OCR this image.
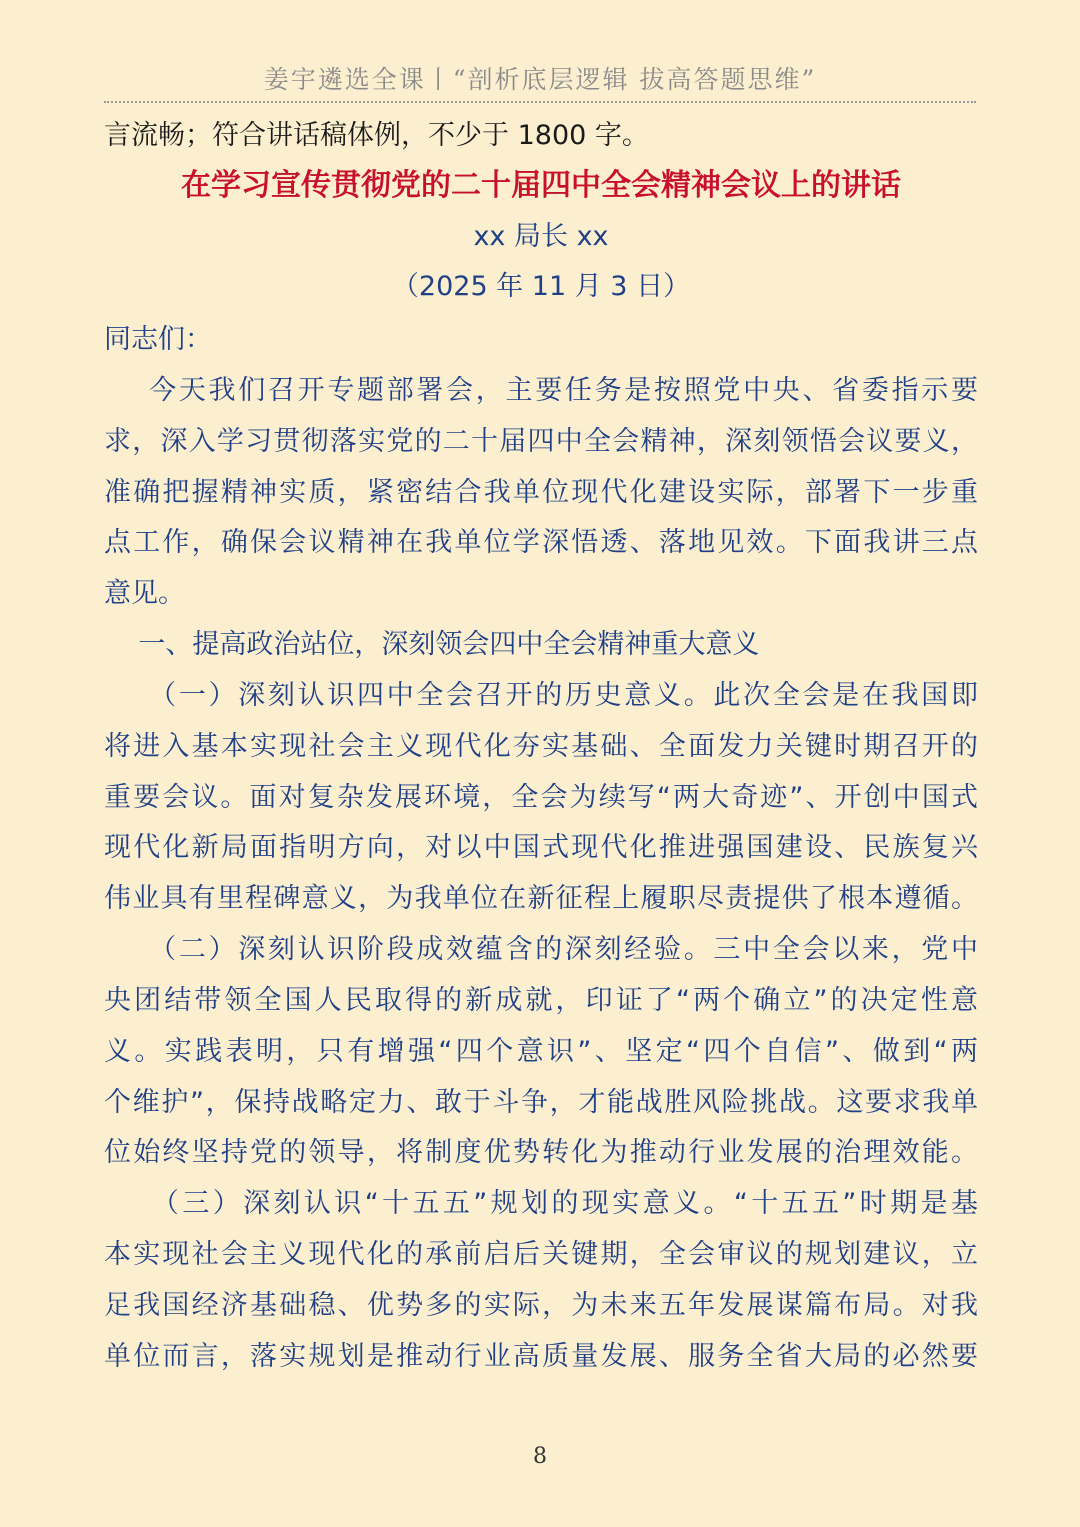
姜宇遴选全课丨“剖析底层逻辑 拔高答题思维”
言流畅；符合讲话稿体例，不少于 1800 字。
在学习宣传贯彻党的二十届四中全会精神会议上的讲话
xx 局长 xx
（2025 年 11 月 3 日）
同志们：
今天我们召开专题部署会，主要任务是按照党中央、省委指示要
求，深入学习贯彻落实党的二十届四中全会精神，深刻领悟会议要义，
准确把握精神实质，紧密结合我单位现代化建设实际，部署下一步重
点工作，确保会议精神在我单位学深悟透、落地见效。下面我讲三点
意见。
一、提高政治站位，深刻领会四中全会精神重大意义
（一）深刻认识四中全会召开的历史意义。此次全会是在我国即
将进入基本实现社会主义现代化夯实基础、全面发力关键时期召开的
重要会议。面对复杂发展环境，全会为续写“两大奇迹”、开创中国式
现代化新局面指明方向，对以中国式现代化推进强国建设、民族复兴
伟业具有里程碑意义，为我单位在新征程上履职尽责提供了根本遵循。
（二）深刻认识阶段成效蕴含的深刻经验。三中全会以来，党中
央团结带领全国人民取得的新成就，印证了“两个确立”的决定性意
义。实践表明，只有增强“四个意识”、坚定“四个自信”、做到“两
个维护”，保持战略定力、敢于斗争，才能战胜风险挑战。这要求我单
位始终坚持党的领导，将制度优势转化为推动行业发展的治理效能。
（三）深刻认识“十五五”规划的现实意义。“十五五”时期是基
本实现社会主义现代化的承前启后关键期，全会审议的规划建议，立
足我国经济基础稳、优势多的实际，为未来五年发展谋篇布局。对我
单位而言，落实规划是推动行业高质量发展、服务全省大局的必然要
8
